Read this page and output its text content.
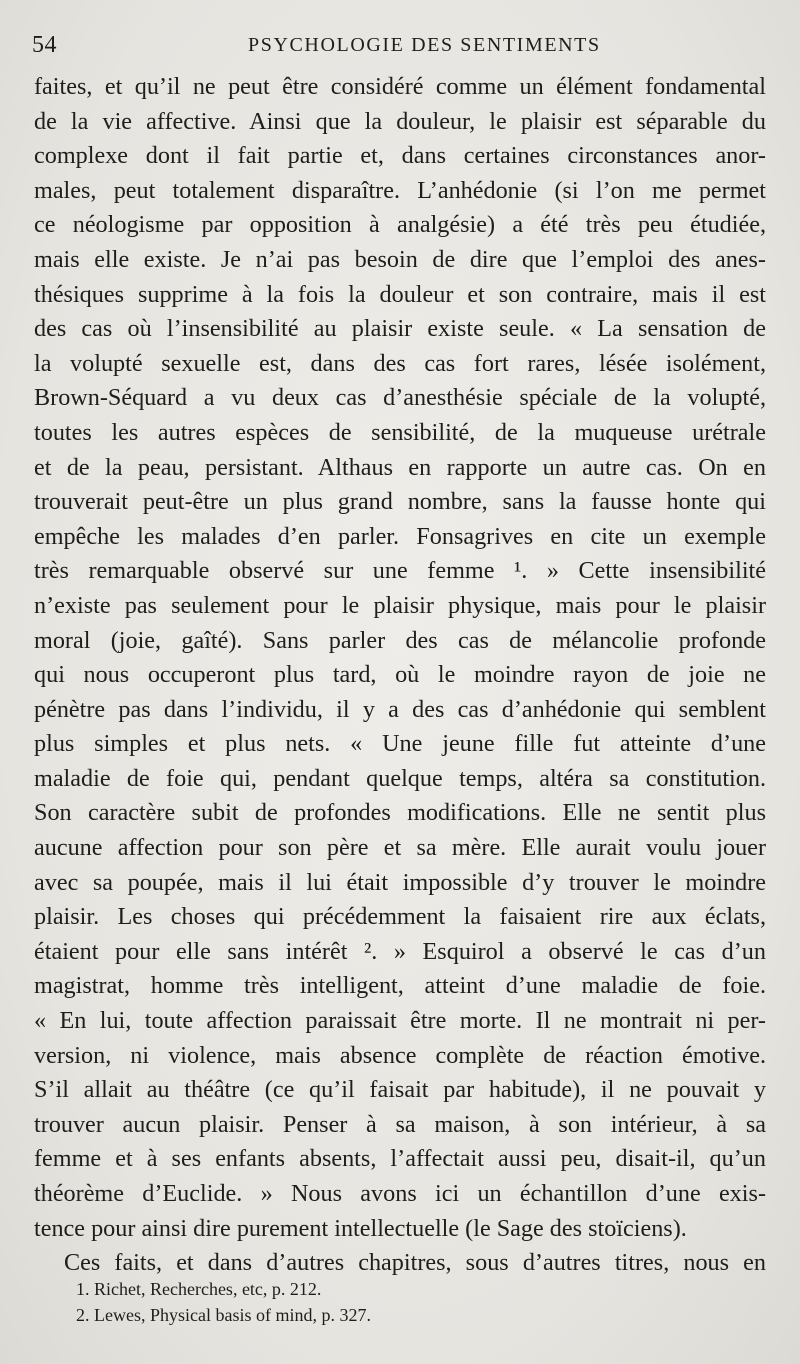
54	PSYCHOLOGIE DES SENTIMENTS
faites, et qu’il ne peut être considéré comme un élément fondamental
de la vie affective. Ainsi que la douleur, le plaisir est séparable du
complexe dont il fait partie et, dans certaines circonstances anor-
males, peut totalement disparaître. L’anhédonie (si l’on me permet
ce néologisme par opposition à analgésie) a été très peu étudiée,
mais elle existe. Je n’ai pas besoin de dire que l’emploi des anes-
thésiques supprime à la fois la douleur et son contraire, mais il est
des cas où l’insensibilité au plaisir existe seule. « La sensation de
la volupté sexuelle est, dans des cas fort rares, lésée isolément,
Brown-Séquard a vu deux cas d’anesthésie spéciale de la volupté,
toutes les autres espèces de sensibilité, de la muqueuse urétrale
et de la peau, persistant. Althaus en rapporte un autre cas. On en
trouverait peut-être un plus grand nombre, sans la fausse honte qui
empêche les malades d’en parler. Fonsagrives en cite un exemple
très remarquable observé sur une femme ¹. » Cette insensibilité
n’existe pas seulement pour le plaisir physique, mais pour le plaisir
moral (joie, gaîté). Sans parler des cas de mélancolie profonde
qui nous occuperont plus tard, où le moindre rayon de joie ne
pénètre pas dans l’individu, il y a des cas d’anhédonie qui semblent
plus simples et plus nets. « Une jeune fille fut atteinte d’une
maladie de foie qui, pendant quelque temps, altéra sa constitution.
Son caractère subit de profondes modifications. Elle ne sentit plus
aucune affection pour son père et sa mère. Elle aurait voulu jouer
avec sa poupée, mais il lui était impossible d’y trouver le moindre
plaisir. Les choses qui précédemment la faisaient rire aux éclats,
étaient pour elle sans intérêt ². » Esquirol a observé le cas d’un
magistrat, homme très intelligent, atteint d’une maladie de foie.
« En lui, toute affection paraissait être morte. Il ne montrait ni per-
version, ni violence, mais absence complète de réaction émotive.
S’il allait au théâtre (ce qu’il faisait par habitude), il ne pouvait y
trouver aucun plaisir. Penser à sa maison, à son intérieur, à sa
femme et à ses enfants absents, l’affectait aussi peu, disait-il, qu’un
théorème d’Euclide. » Nous avons ici un échantillon d’une exis-
tence pour ainsi dire purement intellectuelle (le Sage des stoïciens).
Ces faits, et dans d’autres chapitres, sous d’autres titres, nous en
1. Richet, Recherches, etc, p. 212.
2. Lewes, Physical basis of mind, p. 327.
